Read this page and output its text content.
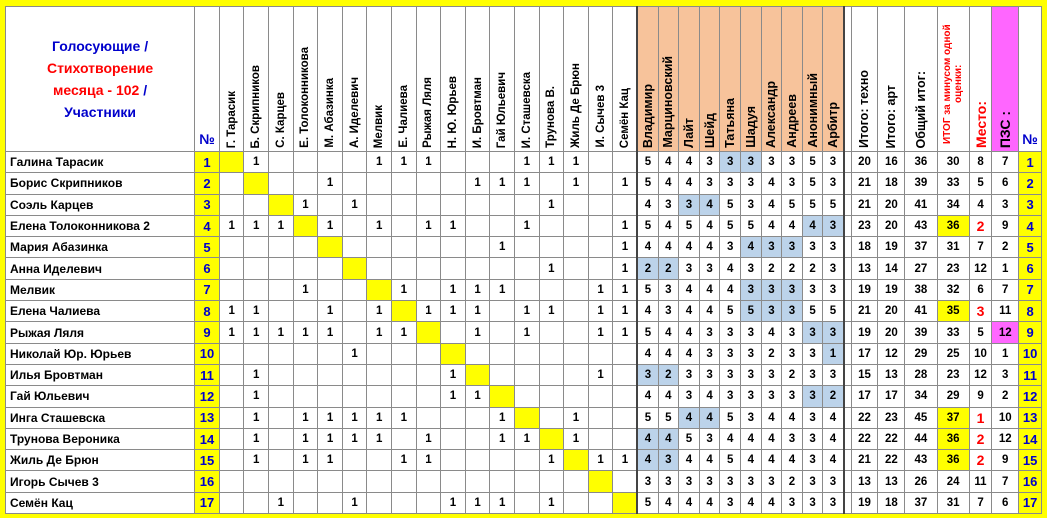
Голосующие /
Стихотворение
месяца - 102 /
Участники	№	Г. Тарасик	Б. Скрипников	С. Карцев	Е. Толоконникова	М. Абазинка	А. Иделевич	Мелвик	Е. Чалиева	Рыжая Ляля	Н. Ю. Юрьев	И. Бровтман	Гай Юльевич	И. Сташевска	Трунова В.	Жиль Де Брюн	И. Сычев 3	Семён Кац	Владимир	Марциновский	Лайт	Шейд	Татьяна	Шадуя	Александр	Андреев	Анонимный	Арбитр		Итого: техно	Итого: арт	Общий итог:	ИТОГ за минусом одной оценки:	Место:	ПЗС :	№
Галина Тарасик	1		1					1	1	1				1	1	1			5	4	4	3	3	3	3	3	5	3		20	16	36	30	8	7	1
Борис Скрипников	2					1						1	1	1		1		1	5	4	4	3	3	3	4	3	5	3		21	18	39	33	5	6	2
Соэль Карцев	3				1		1								1				4	3	3	4	5	3	4	5	5	5		21	20	41	34	4	3	3
Елена Толоконникова 2	4	1	1	1		1		1		1	1			1				1	5	4	5	4	5	5	4	4	4	3		23	20	43	36	2	9	4
Мария Абазинка	5												1					1	4	4	4	4	3	4	3	3	3	3		18	19	37	31	7	2	5
Анна Иделевич	6														1			1	2	2	3	3	4	3	2	2	2	3		13	14	27	23	12	1	6
Мелвик	7				1				1		1	1	1				1	1	5	3	4	4	4	3	3	3	3	3		19	19	38	32	6	7	7
Елена Чалиева	8	1	1			1		1		1	1	1		1	1		1	1	4	3	4	4	5	5	3	3	5	5		21	20	41	35	3	11	8
Рыжая Ляля	9	1	1	1	1	1		1	1			1		1			1	1	5	4	4	3	3	3	4	3	3	3		19	20	39	33	5	12	9
Николай Юр. Юрьев	10						1												4	4	4	3	3	3	2	3	3	1		17	12	29	25	10	1	10
Илья Бровтман	11		1								1						1		3	2	3	3	3	3	3	2	3	3		15	13	28	23	12	3	11
Гай Юльевич	12		1								1	1							4	4	3	4	3	3	3	3	3	2		17	17	34	29	9	2	12
Инга Сташевска	13		1		1	1	1	1	1				1			1			5	5	4	4	5	3	4	4	3	4		22	23	45	37	1	10	13
Трунова Вероника	14		1		1	1	1	1		1			1	1		1			4	4	5	3	4	4	4	3	3	4		22	22	44	36	2	12	14
Жиль Де Брюн	15		1		1	1			1	1					1		1	1	4	3	4	4	5	4	4	4	3	4		21	22	43	36	2	9	15
Игорь Сычев 3	16																		3	3	3	3	3	3	3	2	3	3		13	13	26	24	11	7	16
Семён Кац	17			1			1				1	1	1		1				5	4	4	4	3	4	4	3	3	3		19	18	37	31	7	6	17
